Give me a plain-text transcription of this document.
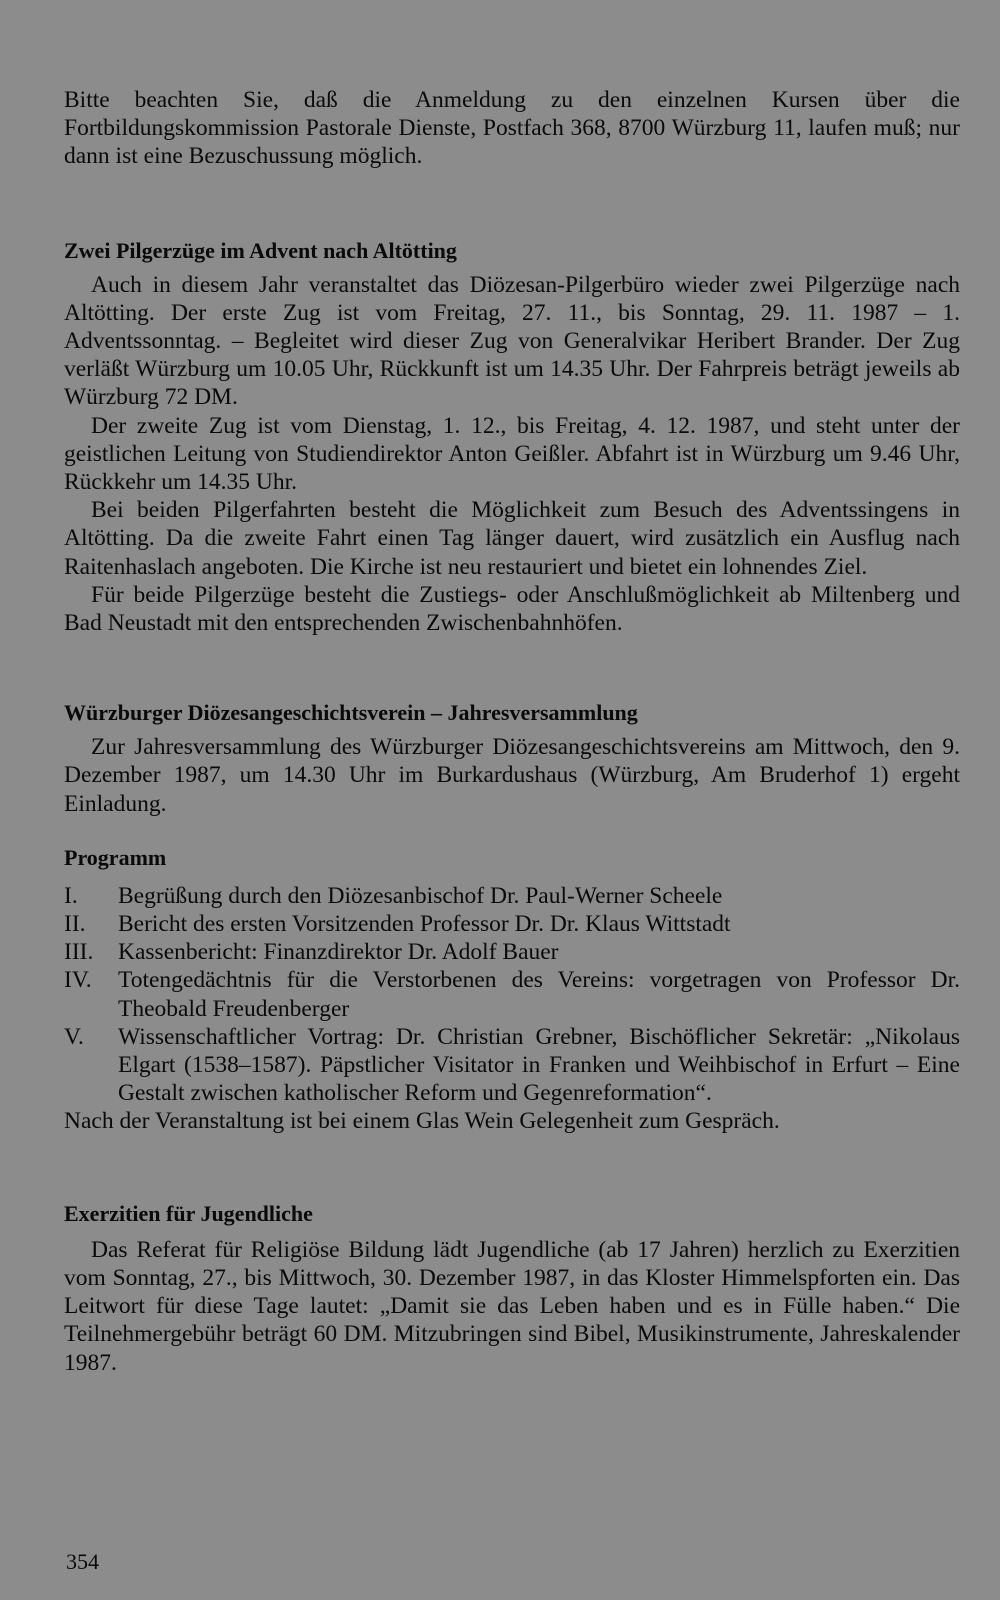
Bitte beachten Sie, daß die Anmeldung zu den einzelnen Kursen über die Fortbildungskommission Pastorale Dienste, Postfach 368, 8700 Würzburg 11, laufen muß; nur dann ist eine Bezuschussung möglich.

Zwei Pilgerzüge im Advent nach Altötting

Auch in diesem Jahr veranstaltet das Diözesan-Pilgerbüro wieder zwei Pilgerzüge nach Altötting. Der erste Zug ist vom Freitag, 27. 11., bis Sonntag, 29. 11. 1987 – 1. Adventssonntag. – Begleitet wird dieser Zug von Generalvikar Heribert Brander. Der Zug verläßt Würzburg um 10.05 Uhr, Rückkunft ist um 14.35 Uhr. Der Fahrpreis beträgt jeweils ab Würzburg 72 DM.

Der zweite Zug ist vom Dienstag, 1. 12., bis Freitag, 4. 12. 1987, und steht unter der geistlichen Leitung von Studiendirektor Anton Geißler. Abfahrt ist in Würzburg um 9.46 Uhr, Rückkehr um 14.35 Uhr.

Bei beiden Pilgerfahrten besteht die Möglichkeit zum Besuch des Adventssingens in Altötting. Da die zweite Fahrt einen Tag länger dauert, wird zusätzlich ein Ausflug nach Raitenhaslach angeboten. Die Kirche ist neu restauriert und bietet ein lohnendes Ziel.

Für beide Pilgerzüge besteht die Zustiegs- oder Anschlußmöglichkeit ab Miltenberg und Bad Neustadt mit den entsprechenden Zwischenbahnhöfen.

Würzburger Diözesangeschichtsverein – Jahresversammlung

Zur Jahresversammlung des Würzburger Diözesangeschichtsvereins am Mittwoch, den 9. Dezember 1987, um 14.30 Uhr im Burkardushaus (Würzburg, Am Bruderhof 1) ergeht Einladung.

Programm
I.	Begrüßung durch den Diözesanbischof Dr. Paul-Werner Scheele
II.	Bericht des ersten Vorsitzenden Professor Dr. Dr. Klaus Wittstadt
III.	Kassenbericht: Finanzdirektor Dr. Adolf Bauer
IV.	Totengedächtnis für die Verstorbenen des Vereins: vorgetragen von Professor Dr. Theobald Freudenberger
V.	Wissenschaftlicher Vortrag: Dr. Christian Grebner, Bischöflicher Sekretär: „Nikolaus Elgart (1538–1587). Päpstlicher Visitator in Franken und Weihbischof in Erfurt – Eine Gestalt zwischen katholischer Reform und Gegenreformation“.

Nach der Veranstaltung ist bei einem Glas Wein Gelegenheit zum Gespräch.

Exerzitien für Jugendliche

Das Referat für Religiöse Bildung lädt Jugendliche (ab 17 Jahren) herzlich zu Exerzitien vom Sonntag, 27., bis Mittwoch, 30. Dezember 1987, in das Kloster Himmelspforten ein. Das Leitwort für diese Tage lautet: „Damit sie das Leben haben und es in Fülle haben.“ Die Teilnehmergebühr beträgt 60 DM. Mitzubringen sind Bibel, Musikinstrumente, Jahreskalender 1987.

354
